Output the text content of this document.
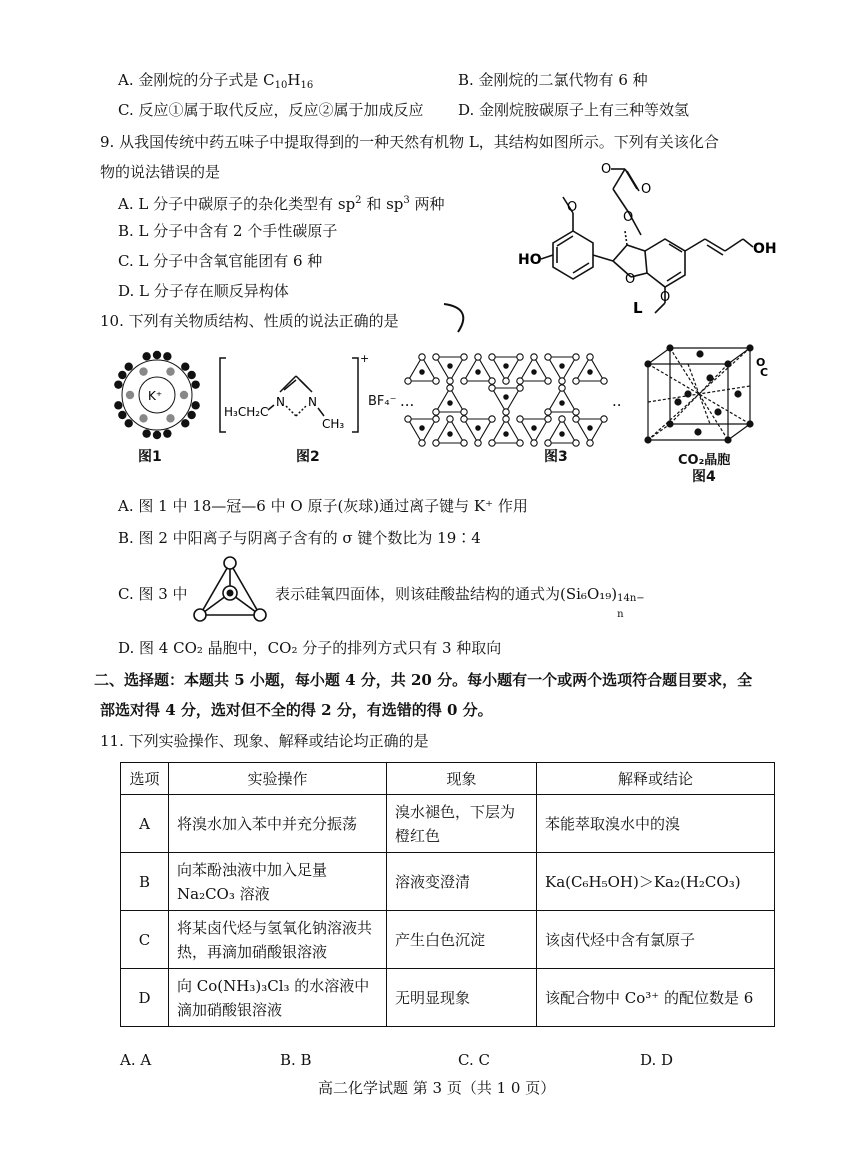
A. 金刚烷的分子式是 $C_{10}H_{16}$	B. 金刚烷的二氯代物有 6 种
C. 反应①属于取代反应，反应②属于加成反应 D. 金刚烷胺碳原子上有三种等效氢
9. 从我国传统中药五味子中提取得到的一种天然有机物 L，其结构如图所示。下列有关该化合
物的说法错误的是
A. L 分子中碳原子的杂化类型有 $sp^2$ 和 $sp^3$ 两种
B. L 分子中含有 2 个手性碳原子
C. L 分子中含氧官能团有 6 种
D. L 分子存在顺反异构体
O
O
O
O
HO
OH
O
O
L
10. 下列有关物质结构、性质的说法正确的是
K⁺
图1
H₃CH₂C
N N
CH₃
+
BF₄⁻
图2
···	··
图3
O
C
CO₂晶胞
图4
A. 图 1 中 18—冠—6 中 O 原子(灰球)通过离子键与 K⁺ 作用
B. 图 2 中阳离子与阴离子含有的 σ 键个数比为 19∶4
C. 图 3 中	表示硅氧四面体，则该硅酸盐结构的通式为(Si₆O₁₉) 14n−
n
D. 图 4 CO₂ 晶胞中，CO₂ 分子的排列方式只有 3 种取向
二、选择题：本题共 5 小题，每小题 4 分，共 20 分。每小题有一个或两个选项符合题目要求，全
部选对得 4 分，选对但不全的得 2 分，有选错的得 0 分。
11. 下列实验操作、现象、解释或结论均正确的是
选项	实验操作	现象	解释或结论
A	将溴水加入苯中并充分振荡	溴水褪色，下层为橙红色	苯能萃取溴水中的溴
B	向苯酚浊液中加入足量 Na₂CO₃ 溶液	溶液变澄清	Ka(C₆H₅OH)＞Ka₂(H₂CO₃)
C	将某卤代烃与氢氧化钠溶液共热，再滴加硝酸银溶液	产生白色沉淀	该卤代烃中含有氯原子
D	向 Co(NH₃)₃Cl₃ 的水溶液中滴加硝酸银溶液	无明显现象	该配合物中 Co³⁺ 的配位数是 6
A. A	B. B	C. C	D. D
高二化学试题 第 3 页（共 1 0 页）
